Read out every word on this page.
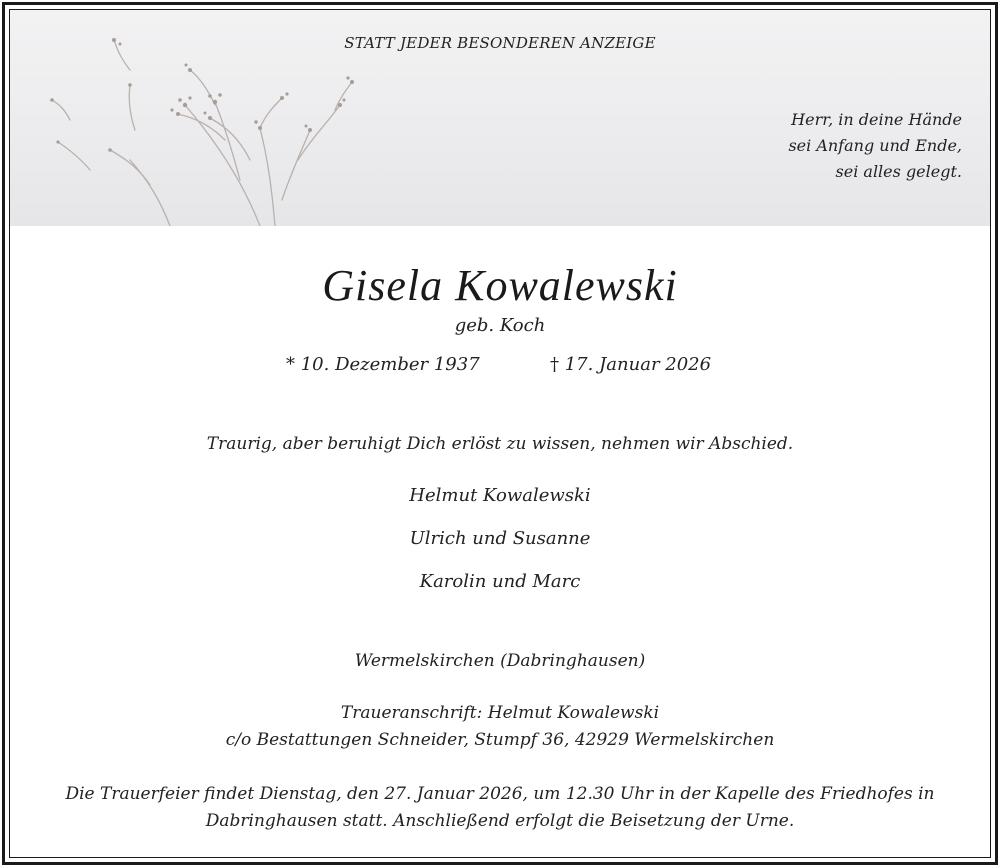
STATT JEDER BESONDEREN ANZEIGE
Herr, in deine Hände
sei Anfang und Ende,
sei alles gelegt.
Gisela Kowalewski
geb. Koch
* 10. Dezember 1937	† 17. Januar 2026
Traurig, aber beruhigt Dich erlöst zu wissen, nehmen wir Abschied.
Helmut Kowalewski
Ulrich und Susanne
Karolin und Marc
Wermelskirchen (Dabringhausen)
Traueranschrift: Helmut Kowalewski
c/o Bestattungen Schneider, Stumpf 36, 42929 Wermelskirchen
Die Trauerfeier findet Dienstag, den 27. Januar 2026, um 12.30 Uhr in der Kapelle des Friedhofes in
Dabringhausen statt. Anschließend erfolgt die Beisetzung der Urne.
